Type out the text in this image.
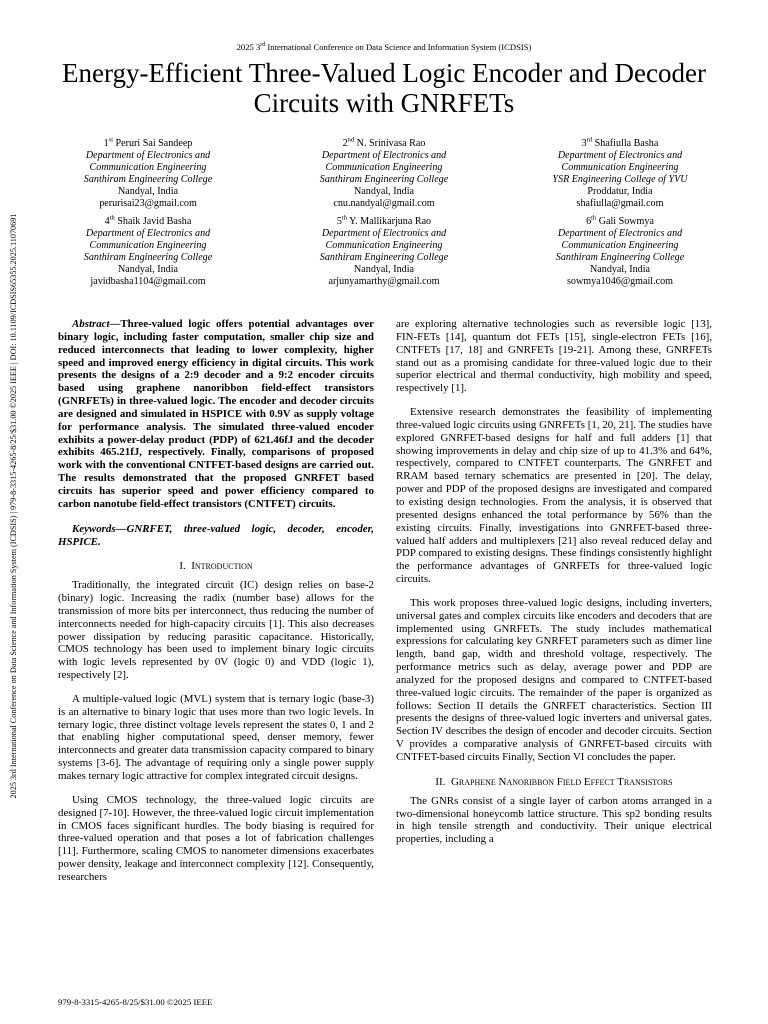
2025 3rd International Conference on Data Science and Information System (ICDSIS)
Energy-Efficient Three-Valued Logic Encoder and Decoder Circuits with GNRFETs
2025 3rd International Conference on Data Science and Information System (ICDSIS) | 979-8-3315-4265-8/25/$31.00 ©2025 IEEE | DOI: 10.1109/ICDSIS65355.2025.11070691
1st Peruri Sai Sandeep
Department of Electronics and
Communication Engineering
Santhiram Engineering College
Nandyal, India
perurisai23@gmail.com
2nd N. Srinivasa Rao
Department of Electronics and
Communication Engineering
Santhiram Engineering College
Nandyal, India
cnu.nandyal@gmail.com
3rd Shafiulla Basha
Department of Electronics and
Communication Engineering
YSR Engineering College of YVU
Proddatur, India
shafiulla@gmail.com
4th Shaik Javid Basha
Department of Electronics and
Communication Engineering
Santhiram Engineering College
Nandyal, India
javidbasha1104@gmail.com
5th Y. Mallikarjuna Rao
Department of Electronics and
Communication Engineering
Santhiram Engineering College
Nandyal, India
arjunyamarthy@gmail.com
6th Gali Sowmya
Department of Electronics and
Communication Engineering
Santhiram Engineering College
Nandyal, India
sowmya1046@gmail.com

Abstract—Three-valued logic offers potential advantages over binary logic, including faster computation, smaller chip size and reduced interconnects that leading to lower complexity, higher speed and improved energy efficiency in digital circuits. This work presents the designs of a 2:9 decoder and a 9:2 encoder circuits based using graphene nanoribbon field-effect transistors (GNRFETs) in three-valued logic. The encoder and decoder circuits are designed and simulated in HSPICE with 0.9V as supply voltage for performance analysis. The simulated three-valued encoder exhibits a power-delay product (PDP) of 621.46fJ and the decoder exhibits 465.21fJ, respectively. Finally, comparisons of proposed work with the conventional CNTFET-based designs are carried out. The results demonstrated that the proposed GNRFET based circuits has superior speed and power efficiency compared to carbon nanotube field-effect transistors (CNTFET) circuits.

Keywords—GNRFET, three-valued logic, decoder, encoder, HSPICE.

I. Introduction

Traditionally, the integrated circuit (IC) design relies on base-2 (binary) logic. Increasing the radix (number base) allows for the transmission of more bits per interconnect, thus reducing the number of interconnects needed for high-capacity circuits [1]. This also decreases power dissipation by reducing parasitic capacitance. Historically, CMOS technology has been used to implement binary logic circuits with logic levels represented by 0V (logic 0) and VDD (logic 1), respectively [2].

A multiple-valued logic (MVL) system that is ternary logic (base-3) is an alternative to binary logic that uses more than two logic levels. In ternary logic, three distinct voltage levels represent the states 0, 1 and 2 that enabling higher computational speed, denser memory, fewer interconnects and greater data transmission capacity compared to binary systems [3-6]. The advantage of requiring only a single power supply makes ternary logic attractive for complex integrated circuit designs.

Using CMOS technology, the three-valued logic circuits are designed [7-10]. However, the three-valued logic circuit implementation in CMOS faces significant hurdles. The body biasing is required for three-valued operation and that poses a lot of fabrication challenges [11]. Furthermore, scaling CMOS to nanometer dimensions exacerbates power density, leakage and interconnect complexity [12]. Consequently, researchers

are exploring alternative technologies such as reversible logic [13], FIN-FETs [14], quantum dot FETs [15], single-electron FETs [16], CNTFETs [17, 18] and GNRFETs [19-21]. Among these, GNRFETs stand out as a promising candidate for three-valued logic due to their superior electrical and thermal conductivity, high mobility and speed, respectively [1].

Extensive research demonstrates the feasibility of implementing three-valued logic circuits using GNRFETs [1, 20, 21]. The studies have explored GNRFET-based designs for half and full adders [1] that showing improvements in delay and chip size of up to 41.3% and 64%, respectively, compared to CNTFET counterparts. The GNRFET and RRAM based ternary schematics are presented in [20]. The delay, power and PDP of the proposed designs are investigated and compared to existing design technologies. From the analysis, it is observed that presented designs enhanced the total performance by 56% than the existing circuits. Finally, investigations into GNRFET-based three-valued half adders and multiplexers [21] also reveal reduced delay and PDP compared to existing designs. These findings consistently highlight the performance advantages of GNRFETs for three-valued logic circuits.

This work proposes three-valued logic designs, including inverters, universal gates and complex circuits like encoders and decoders that are implemented using GNRFETs. The study includes mathematical expressions for calculating key GNRFET parameters such as dimer line length, band gap, width and threshold voltage, respectively. The performance metrics such as delay, average power and PDP are analyzed for the proposed designs and compared to CNTFET-based three-valued logic circuits. The remainder of the paper is organized as follows: Section II details the GNRFET characteristics. Section III presents the designs of three-valued logic inverters and universal gates. Section IV describes the design of encoder and decoder circuits. Section V provides a comparative analysis of GNRFET-based circuits with CNTFET-based circuits Finally, Section VI concludes the paper.

II. Graphene Nanoribbon Field Effect Transistors

The GNRs consist of a single layer of carbon atoms arranged in a two-dimensional honeycomb lattice structure. This sp2 bonding results in high tensile strength and conductivity. Their unique electrical properties, including a

979-8-3315-4265-8/25/$31.00 ©2025 IEEE
